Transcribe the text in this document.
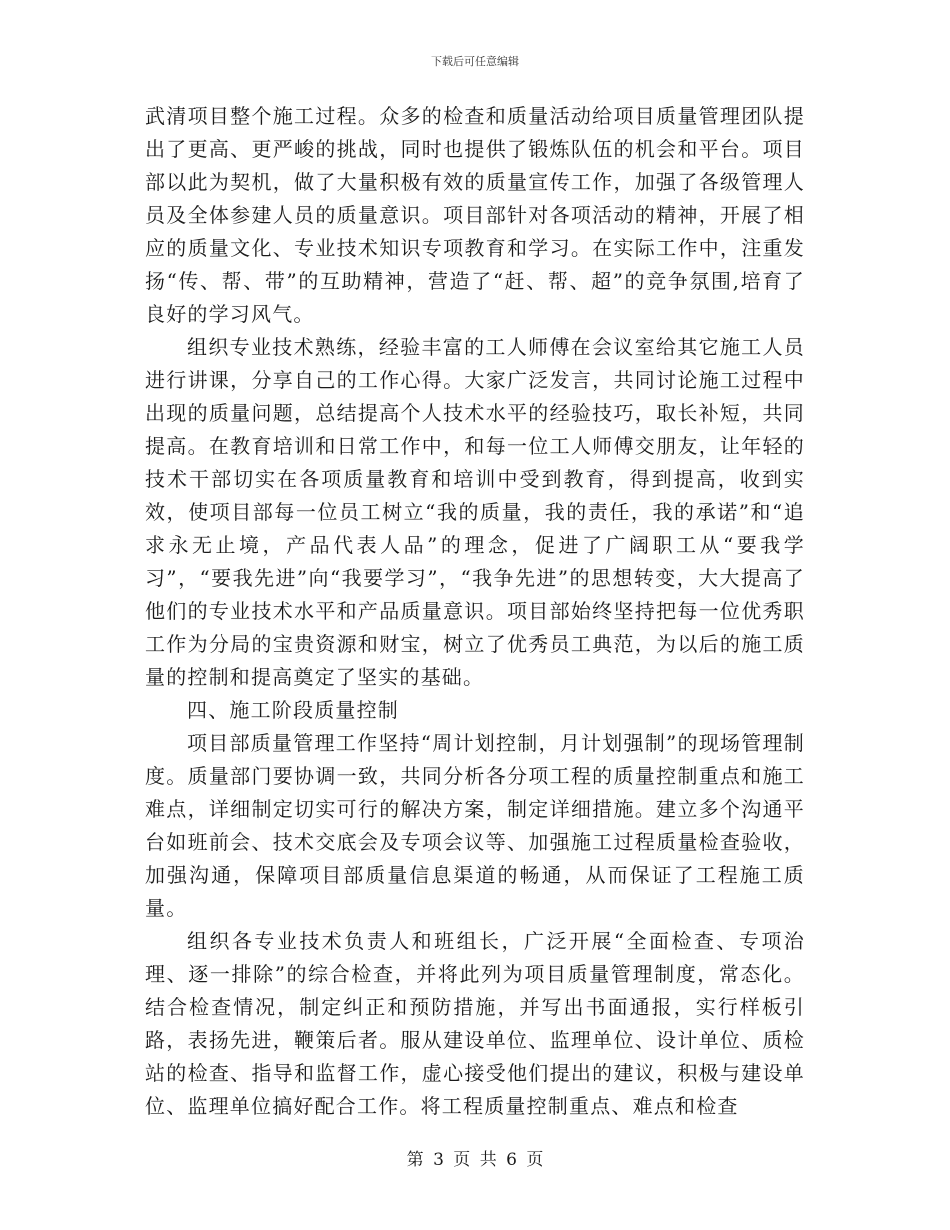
下载后可任意编辑

武清项目整个施工过程。众多的检查和质量活动给项目质量管理团队提出了更高、更严峻的挑战，同时也提供了锻炼队伍的机会和平台。项目部以此为契机，做了大量积极有效的质量宣传工作，加强了各级管理人员及全体参建人员的质量意识。项目部针对各项活动的精神，开展了相应的质量文化、专业技术知识专项教育和学习。在实际工作中，注重发扬“传、帮、带”的互助精神，营造了“赶、帮、超”的竞争氛围,培育了良好的学习风气。

组织专业技术熟练，经验丰富的工人师傅在会议室给其它施工人员进行讲课，分享自己的工作心得。大家广泛发言，共同讨论施工过程中出现的质量问题，总结提高个人技术水平的经验技巧，取长补短，共同提高。在教育培训和日常工作中，和每一位工人师傅交朋友，让年轻的技术干部切实在各项质量教育和培训中受到教育，得到提高，收到实效，使项目部每一位员工树立“我的质量，我的责任，我的承诺”和“追求永无止境，产品代表人品”的理念，促进了广阔职工从“要我学习”，“要我先进”向“我要学习”，“我争先进”的思想转变，大大提高了他们的专业技术水平和产品质量意识。项目部始终坚持把每一位优秀职工作为分局的宝贵资源和财宝，树立了优秀员工典范，为以后的施工质量的控制和提高奠定了坚实的基础。

四、施工阶段质量控制

项目部质量管理工作坚持“周计划控制，月计划强制”的现场管理制度。质量部门要协调一致，共同分析各分项工程的质量控制重点和施工难点，详细制定切实可行的解决方案，制定详细措施。建立多个沟通平台如班前会、技术交底会及专项会议等、加强施工过程质量检查验收，加强沟通，保障项目部质量信息渠道的畅通，从而保证了工程施工质量。

组织各专业技术负责人和班组长，广泛开展“全面检查、专项治理、逐一排除”的综合检查，并将此列为项目质量管理制度，常态化。结合检查情况，制定纠正和预防措施，并写出书面通报，实行样板引路，表扬先进，鞭策后者。服从建设单位、监理单位、设计单位、质检站的检查、指导和监督工作，虚心接受他们提出的建议，积极与建设单位、监理单位搞好配合工作。将工程质量控制重点、难点和检查

第 3 页 共 6 页
